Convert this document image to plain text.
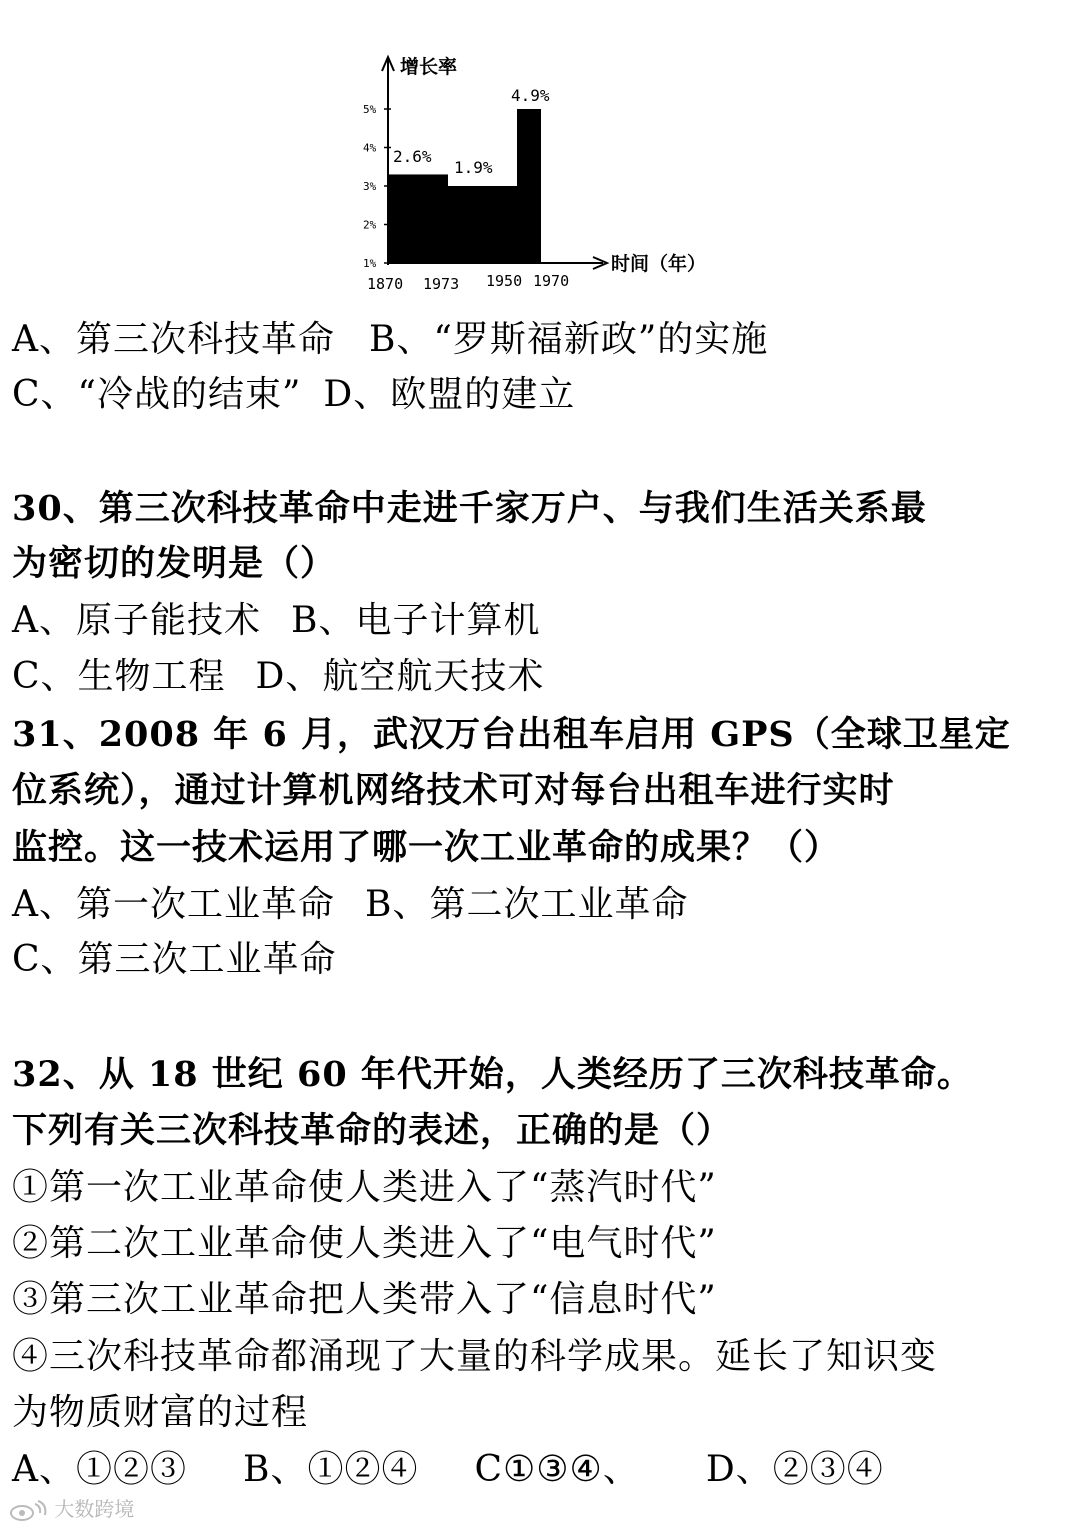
增长率
时间（年）
1%
2%
3%
4%
5%
2.6%
1.9%
4.9%
1870 1973 1950 1970
A、第三次科技革命 B、“罗斯福新政”的实施
C、“冷战的结束” D、欧盟的建立
30、第三次科技革命中走进千家万户、与我们生活关系最
为密切的发明是（）
A、原子能技术 B、电子计算机
C、生物工程 D、航空航天技术
31、2008 年 6 月，武汉万台出租车启用 GPS（全球卫星定
位系统），通过计算机网络技术可对每台出租车进行实时
监控。这一技术运用了哪一次工业革命的成果？（）
A、第一次工业革命 B、第二次工业革命
C、第三次工业革命
32、从 18 世纪 60 年代开始，人类经历了三次科技革命。
下列有关三次科技革命的表述，正确的是（）
①第一次工业革命使人类进入了“蒸汽时代”
②第二次工业革命使人类进入了“电气时代”
③第三次工业革命把人类带入了“信息时代”
④三次科技革命都涌现了大量的科学成果。延长了知识变
为物质财富的过程
A、①②③ B、①②④ C①③④、 D、②③④
大数跨境
